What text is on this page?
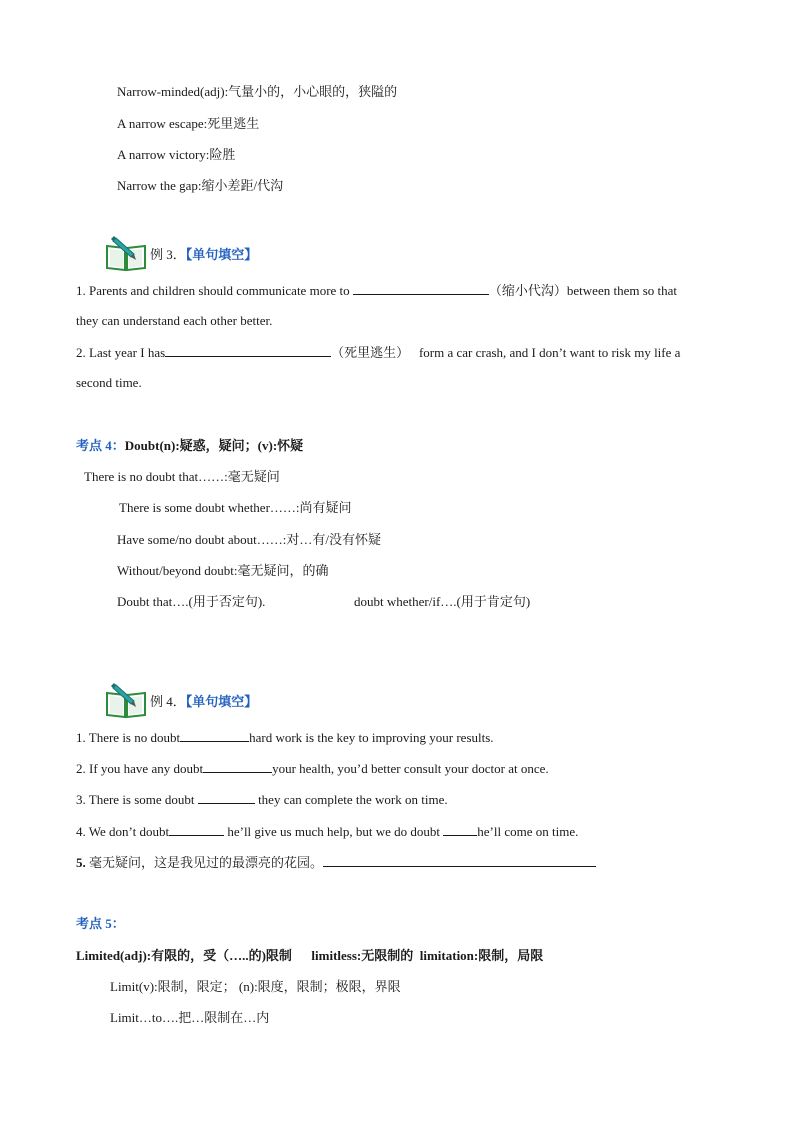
Narrow-minded(adj):气量小的，小心眼的，狭隘的
A narrow escape:死里逃生
A narrow victory:险胜
Narrow the gap:缩小差距/代沟
例 3．【单句填空】
1. Parents and children should communicate more to	（缩小代沟）between them so that
they can understand each other better.
2. Last year I has	（死里逃生） form a car crash, and I don’t want to risk my life a
second time.
考点 4：Doubt(n):疑惑，疑问；(v):怀疑
There is no doubt that……:毫无疑问
There is some doubt whether……:尚有疑问
Have some/no doubt about……:对…有/没有怀疑
Without/beyond doubt:毫无疑问，的确
Doubt that….(用于否定句).	doubt whether/if….(用于肯定句)
例 4．【单句填空】
1. There is no doubt	hard work is the key to improving your results.
2. If you have any doubt	your health, you’d better consult your doctor at once.
3. There is some doubt	they can complete the work on time.
4. We don’t doubt	he’ll give us much help, but we do doubt	he’ll come on time.
5. 毫无疑问，这是我见过的最漂亮的花园。
考点 5：
Limited(adj):有限的，受（…..的)限制      limitless:无限制的  limitation:限制，局限
Limit(v):限制，限定； (n):限度，限制；极限，界限
Limit…to….把…限制在…内
